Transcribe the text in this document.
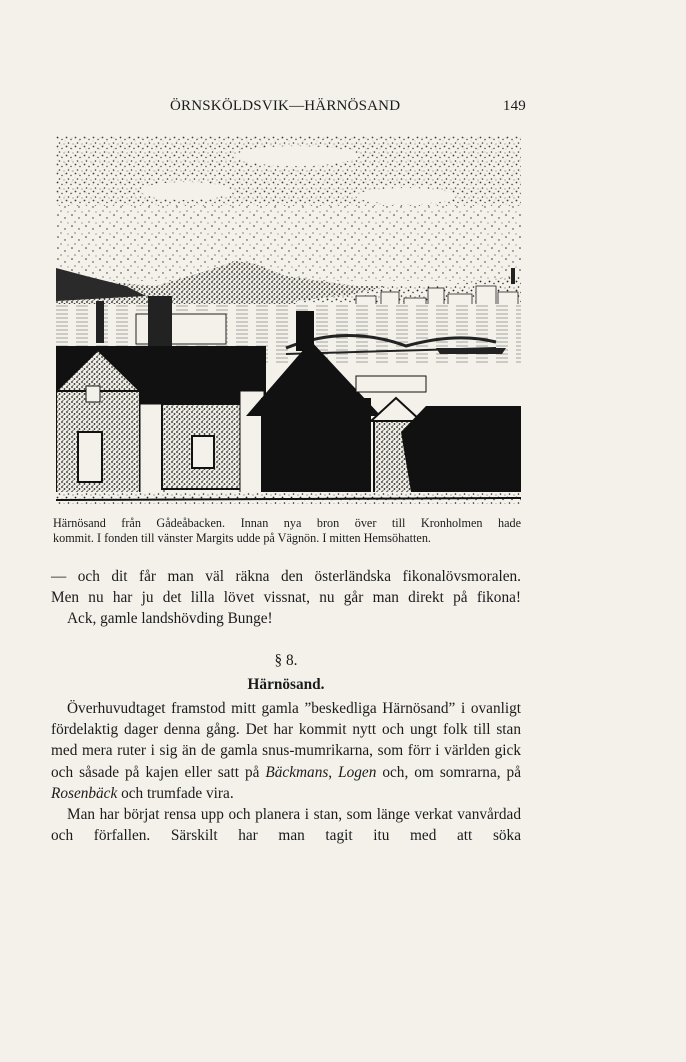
ÖRNSKÖLDSVIK—HÄRNÖSAND	149

Härnösand från Gådeåbacken. Innan nya bron över till Kronholmen hade

kommit. I fonden till vänster Margits udde på Vägnön. I mitten Hemsöhatten.

— och dit får man väl räkna den österländska fikonalövsmoralen.

Men nu har ju det lilla lövet vissnat, nu går man direkt på fikona!

Ack, gamle landshövding Bunge!

§ 8.

Härnösand.

Överhuvudtaget framstod mitt gamla ”beskedliga Härnösand” i ovanligt fördelaktig dager denna gång. Det har kommit nytt och ungt folk till stan med mera ruter i sig än de gamla snus-mumrikarna, som förr i världen gick och såsade på kajen eller satt på Bäckmans, Logen och, om somrarna, på Rosenbäck och trumfade vira.

Man har börjat rensa upp och planera i stan, som länge verkat vanvårdad och förfallen. Särskilt har man tagit itu med att söka
